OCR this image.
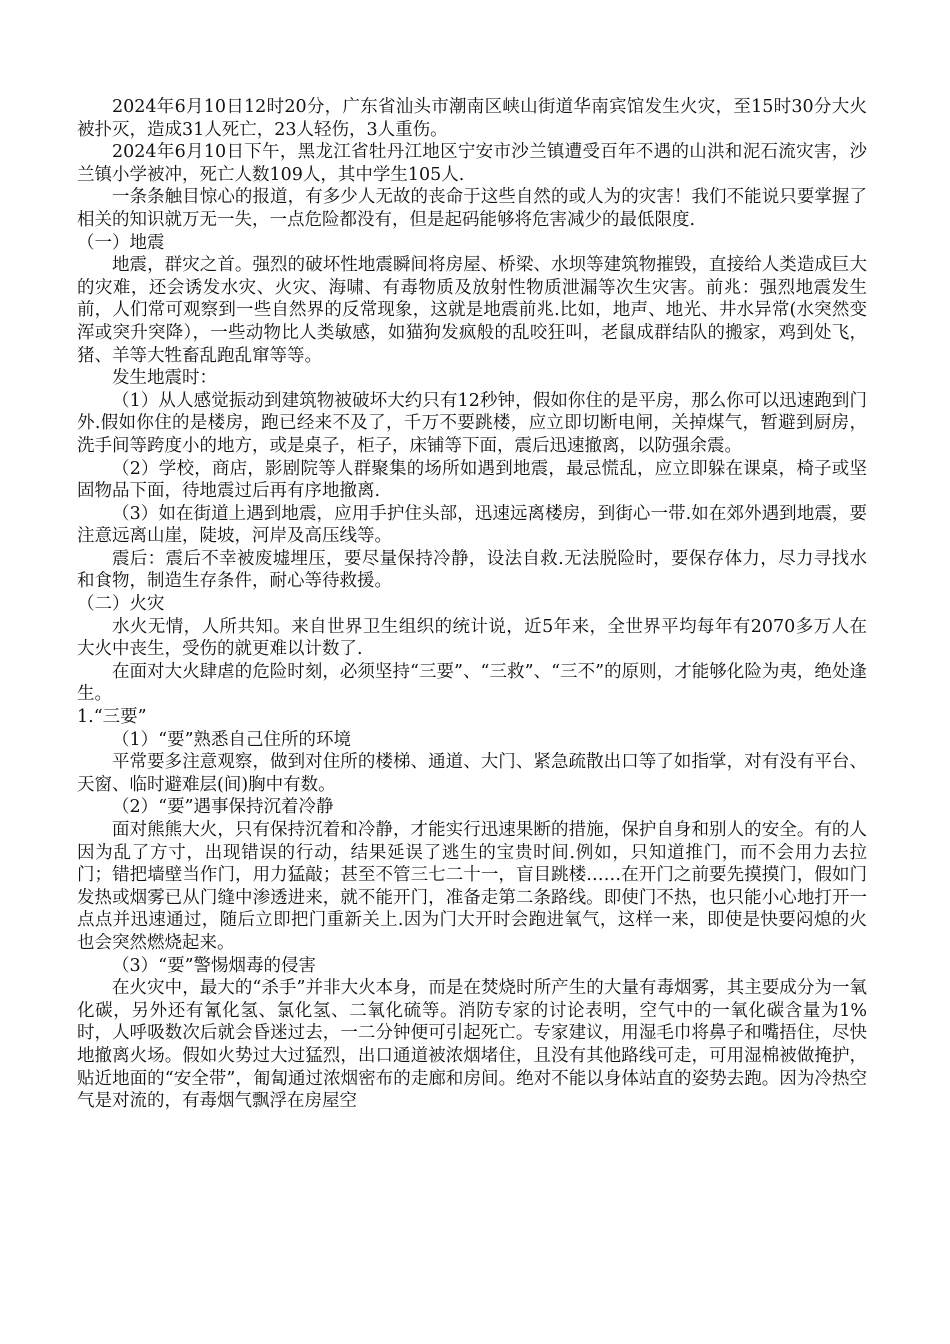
2024年6月10日12时20分，广东省汕头市潮南区峡山街道华南宾馆发生火灾，至15时30分大火被扑灭，造成31人死亡，23人轻伤，3人重伤。

2024年6月10日下午，黑龙江省牡丹江地区宁安市沙兰镇遭受百年不遇的山洪和泥石流灾害，沙兰镇小学被冲，死亡人数109人，其中学生105人.

一条条触目惊心的报道，有多少人无故的丧命于这些自然的或人为的灾害！我们不能说只要掌握了相关的知识就万无一失，一点危险都没有，但是起码能够将危害减少的最低限度.

（一）地震

地震，群灾之首。强烈的破坏性地震瞬间将房屋、桥梁、水坝等建筑物摧毁，直接给人类造成巨大的灾难，还会诱发水灾、火灾、海啸、有毒物质及放射性物质泄漏等次生灾害。前兆：强烈地震发生前，人们常可观察到一些自然界的反常现象，这就是地震前兆.比如，地声、地光、井水异常(水突然变浑或突升突降），一些动物比人类敏感，如猫狗发疯般的乱咬狂叫，老鼠成群结队的搬家，鸡到处飞，猪、羊等大牲畜乱跑乱窜等等。

发生地震时：

（1）从人感觉振动到建筑物被破坏大约只有12秒钟，假如你住的是平房，那么你可以迅速跑到门外.假如你住的是楼房，跑已经来不及了，千万不要跳楼，应立即切断电闸，关掉煤气，暂避到厨房，洗手间等跨度小的地方，或是桌子，柜子，床铺等下面，震后迅速撤离，以防强余震。

（2）学校，商店，影剧院等人群聚集的场所如遇到地震，最忌慌乱，应立即躲在课桌，椅子或坚固物品下面，待地震过后再有序地撤离.

（3）如在街道上遇到地震，应用手护住头部，迅速远离楼房，到街心一带.如在郊外遇到地震，要注意远离山崖，陡坡，河岸及高压线等。

震后：震后不幸被废墟埋压，要尽量保持冷静，设法自救.无法脱险时，要保存体力，尽力寻找水和食物，制造生存条件，耐心等待救援。

（二）火灾

水火无情，人所共知。来自世界卫生组织的统计说，近5年来，全世界平均每年有2070多万人在大火中丧生，受伤的就更难以计数了.

在面对大火肆虐的危险时刻，必须坚持“三要”、“三救”、“三不”的原则，才能够化险为夷，绝处逢生。

1.“三要”

（1）“要”熟悉自己住所的环境

平常要多注意观察，做到对住所的楼梯、通道、大门、紧急疏散出口等了如指掌，对有没有平台、天窗、临时避难层(间)胸中有数。

（2）“要”遇事保持沉着冷静

面对熊熊大火，只有保持沉着和冷静，才能实行迅速果断的措施，保护自身和别人的安全。有的人因为乱了方寸，出现错误的行动，结果延误了逃生的宝贵时间.例如，只知道推门，而不会用力去拉门；错把墙壁当作门，用力猛敲；甚至不管三七二十一，盲目跳楼……在开门之前要先摸摸门，假如门发热或烟雾已从门缝中渗透进来，就不能开门，准备走第二条路线。即使门不热，也只能小心地打开一点点并迅速通过，随后立即把门重新关上.因为门大开时会跑进氧气，这样一来，即使是快要闷熄的火也会突然燃烧起来。

（3）“要”警惕烟毒的侵害

在火灾中，最大的“杀手”并非大火本身，而是在焚烧时所产生的大量有毒烟雾，其主要成分为一氧化碳，另外还有氰化氢、氯化氢、二氧化硫等。消防专家的讨论表明，空气中的一氧化碳含量为1%时，人呼吸数次后就会昏迷过去，一二分钟便可引起死亡。专家建议，用湿毛巾将鼻子和嘴捂住，尽快地撤离火场。假如火势过大过猛烈，出口通道被浓烟堵住，且没有其他路线可走，可用湿棉被做掩护，贴近地面的“安全带”，匍匐通过浓烟密布的走廊和房间。绝对不能以身体站直的姿势去跑。因为冷热空气是对流的，有毒烟气飘浮在房屋空
